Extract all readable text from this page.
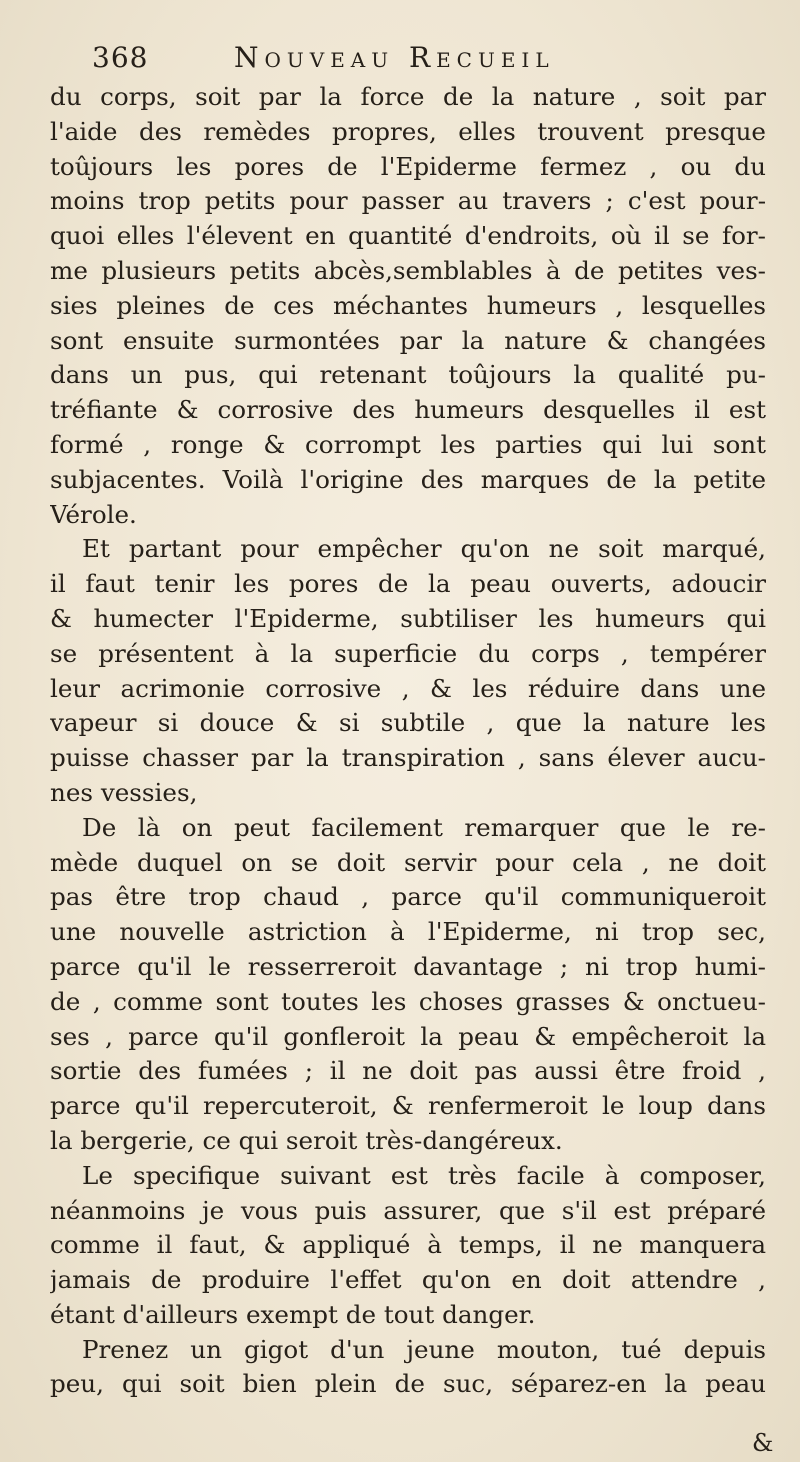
368	Nouveau Recueil
du corps, soit par la force de la nature , soit par
l'aide des remèdes propres, elles trouvent presque
toûjours les pores de l'Epiderme fermez , ou du
moins trop petits pour passer au travers ; c'est pour-
quoi elles l'élevent en quantité d'endroits, où il se for-
me plusieurs petits abcès,semblables à de petites ves-
sies pleines de ces méchantes humeurs , lesquelles
sont ensuite surmontées par la nature & changées
dans un pus, qui retenant toûjours la qualité pu-
tréfiante & corrosive des humeurs desquelles il est
formé , ronge & corrompt les parties qui lui sont
subjacentes. Voilà l'origine des marques de la petite
Vérole.
Et partant pour empêcher qu'on ne soit marqué,
il faut tenir les pores de la peau ouverts, adoucir
& humecter l'Epiderme, subtiliser les humeurs qui
se présentent à la superficie du corps , tempérer
leur acrimonie corrosive , & les réduire dans une
vapeur si douce & si subtile , que la nature les
puisse chasser par la transpiration , sans élever aucu-
nes vessies,
De là on peut facilement remarquer que le re-
mède duquel on se doit servir pour cela , ne doit
pas être trop chaud , parce qu'il communiqueroit
une nouvelle astriction à l'Epiderme, ni trop sec,
parce qu'il le resserreroit davantage ; ni trop humi-
de , comme sont toutes les choses grasses & onctueu-
ses , parce qu'il gonfleroit la peau & empêcheroit la
sortie des fumées ; il ne doit pas aussi être froid ,
parce qu'il repercuteroit, & renfermeroit le loup dans
la bergerie, ce qui seroit très-dangéreux.
Le specifique suivant est très facile à composer,
néanmoins je vous puis assurer, que s'il est préparé
comme il faut, & appliqué à temps, il ne manquera
jamais de produire l'effet qu'on en doit attendre ,
étant d'ailleurs exempt de tout danger.
Prenez un gigot d'un jeune mouton, tué depuis
peu, qui soit bien plein de suc, séparez-en la peau
&
